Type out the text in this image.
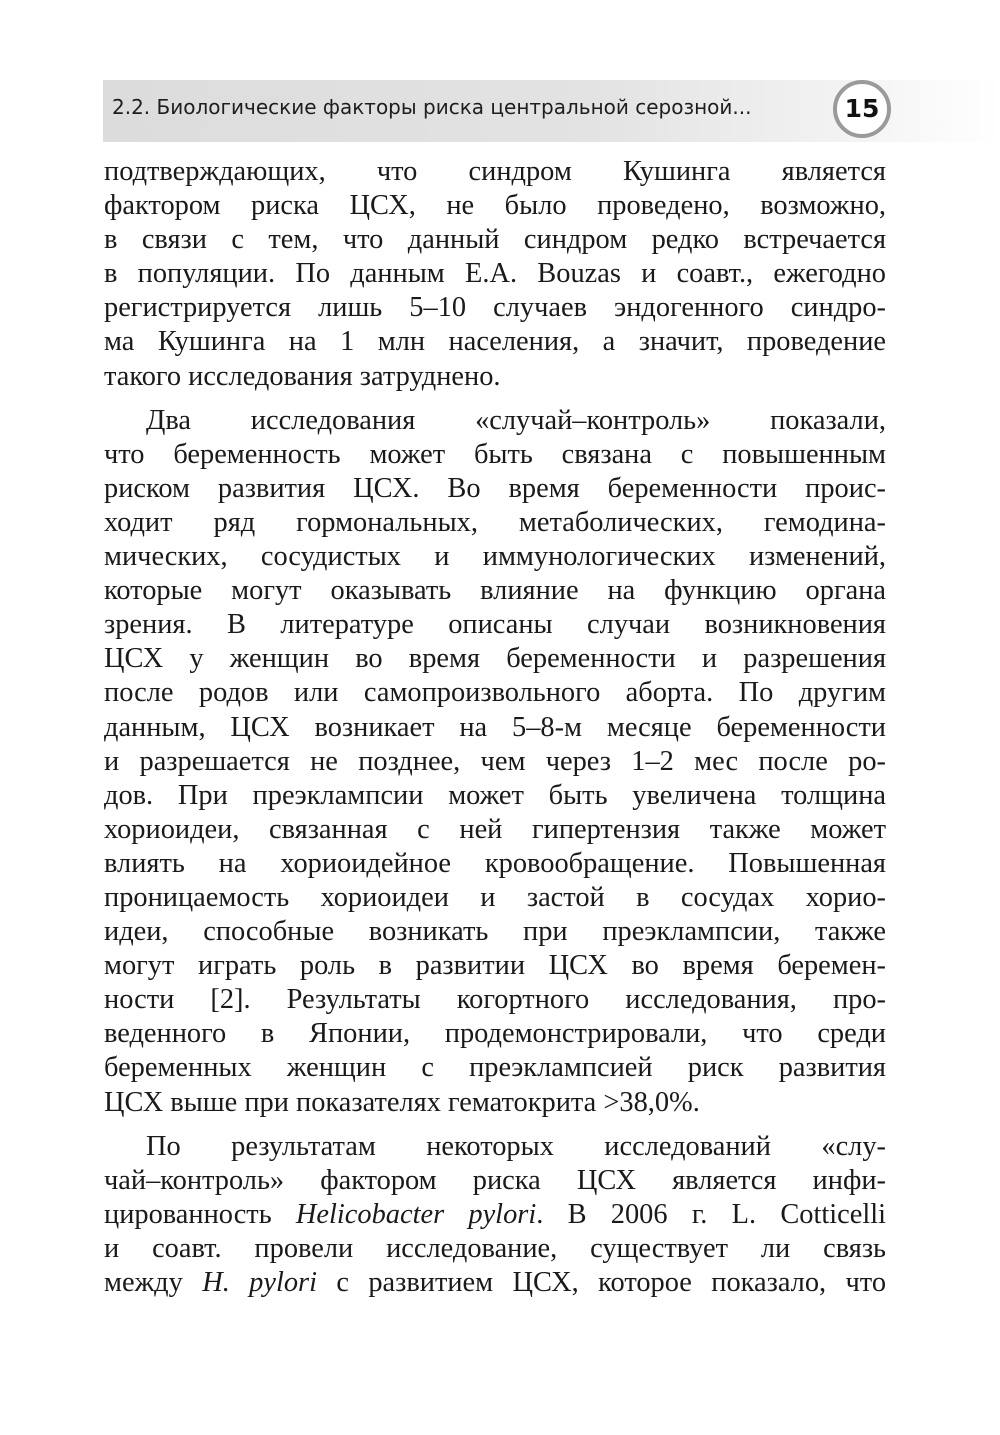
2.2. Биологические факторы риска центральной серозной...	15
подтверждающих, что синдром Кушинга является
фактором риска ЦСХ, не было проведено, возможно,
в связи с тем, что данный синдром редко встречается
в популяции. По данным E.A. Bouzas и соавт., ежегодно
регистрируется лишь 5–10 случаев эндогенного синдро-
ма Кушинга на 1 млн населения, а значит, проведение
такого исследования затруднено.
Два исследования «случай–контроль» показали,
что беременность может быть связана с повышенным
риском развития ЦСХ. Во время беременности проис-
ходит ряд гормональных, метаболических, гемодина-
мических, сосудистых и иммунологических изменений,
которые могут оказывать влияние на функцию органа
зрения. В литературе описаны случаи возникновения
ЦСХ у женщин во время беременности и разрешения
после родов или самопроизвольного аборта. По другим
данным, ЦСХ возникает на 5–8-м месяце беременности
и разрешается не позднее, чем через 1–2 мес после ро-
дов. При преэклампсии может быть увеличена толщина
хориоидеи, связанная с ней гипертензия также может
влиять на хориоидейное кровообращение. Повышенная
проницаемость хориоидеи и застой в сосудах хорио-
идеи, способные возникать при преэклампсии, также
могут играть роль в развитии ЦСХ во время беремен-
ности [2]. Результаты когортного исследования, про-
веденного в Японии, продемонстрировали, что среди
беременных женщин с преэклампсией риск развития
ЦСХ выше при показателях гематокрита >38,0%.
По результатам некоторых исследований «слу-
чай–контроль» фактором риска ЦСХ является инфи-
цированность Helicobacter pylori. В 2006 г. L. Cotticelli
и соавт. провели исследование, существует ли связь
между H. pylori с развитием ЦСХ, которое показало, что
